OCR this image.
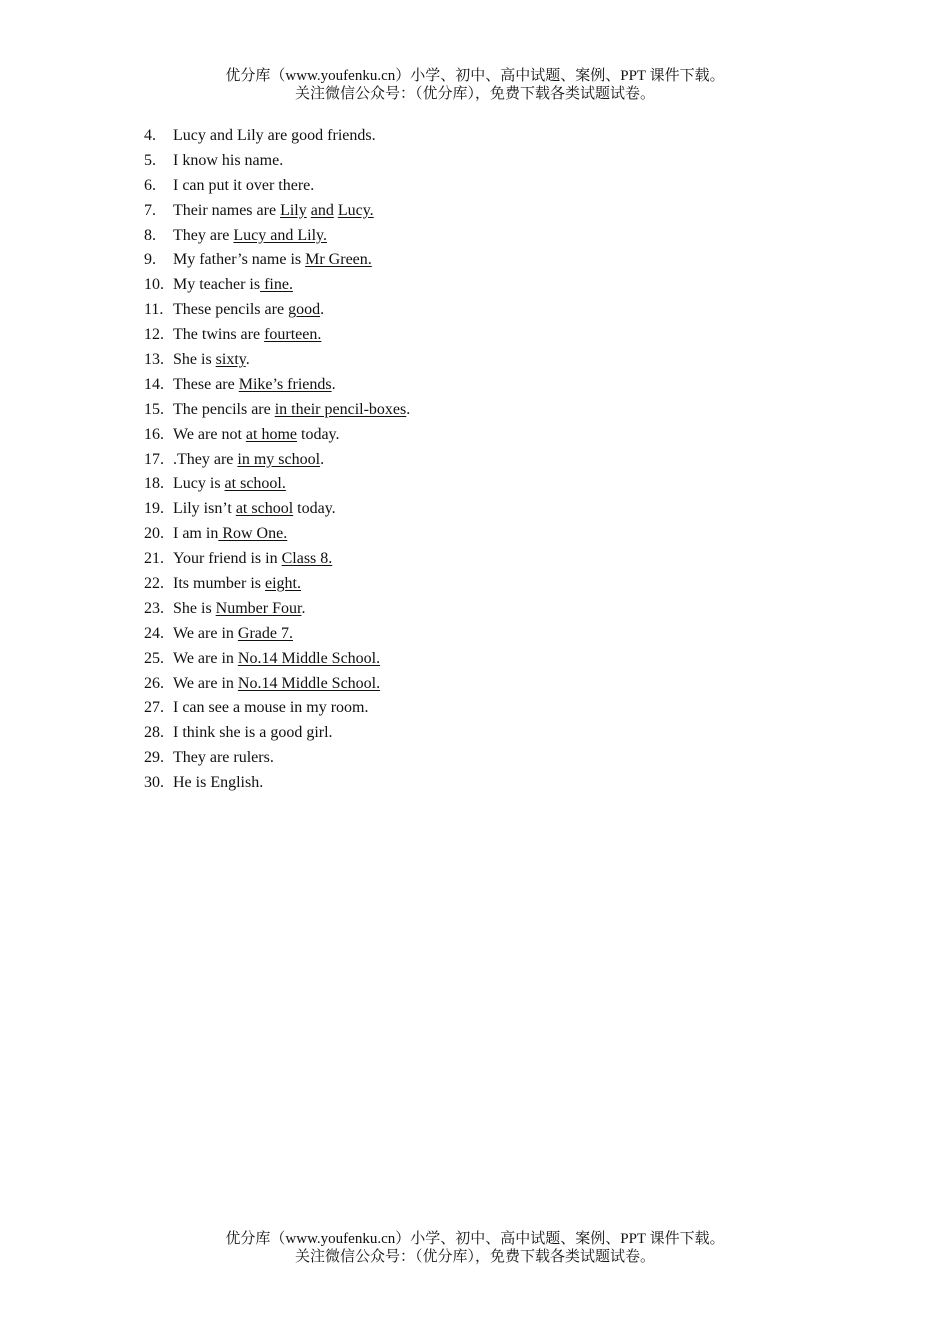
优分库（www.youfenku.cn）小学、初中、高中试题、案例、PPT 课件下载。
关注微信公众号：（优分库），免费下载各类试题试卷。
4.	Lucy and Lily are good friends.
5.	I know his name.
6.	I can put it over there.
7.	Their names are Lily and Lucy.
8.	They are Lucy and Lily.
9.	My father’s name is Mr Green.
10. My teacher is fine.
11. These pencils are good.
12. The twins are fourteen.
13. She is sixty.
14. These are Mike’s friends.
15. The pencils are in their pencil-boxes.
16. We are not at home today.
17. .They are in my school.
18. Lucy is at school.
19. Lily isn’t at school today.
20. I am in Row One.
21. Your friend is in Class 8.
22. Its mumber is eight.
23. She is Number Four.
24. We are in Grade 7.
25. We are in No.14 Middle School.
26. We are in No.14 Middle School.
27. I can see a mouse in my room.
28. I think she is a good girl.
29. They are rulers.
30. He is English.
优分库（www.youfenku.cn）小学、初中、高中试题、案例、PPT 课件下载。
关注微信公众号：（优分库），免费下载各类试题试卷。
